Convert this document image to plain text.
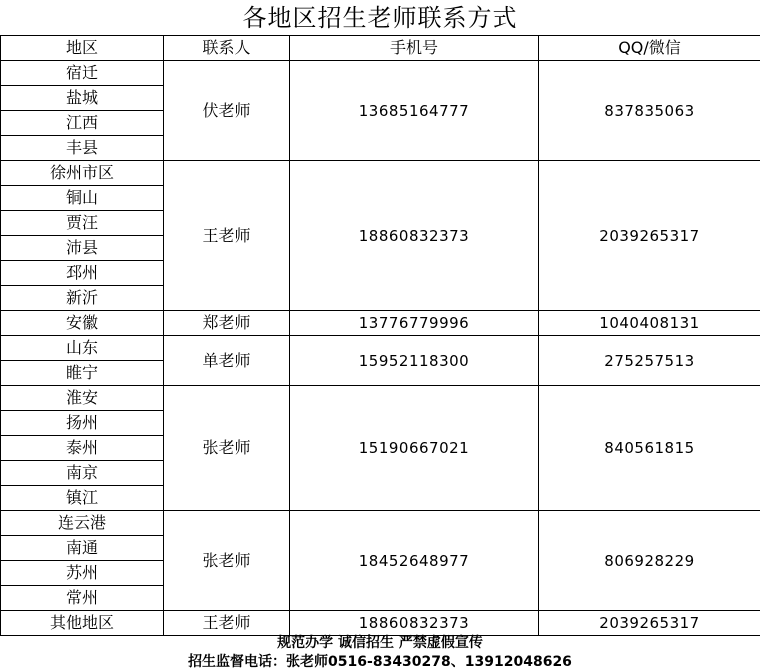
各地区招生老师联系方式
地区	联系人	手机号	QQ/微信
宿迁	伏老师	13685164777	837835063
盐城			
江西			
丰县			
徐州市区	王老师	18860832373	2039265317
铜山			
贾汪			
沛县			
邳州			
新沂			
安徽	郑老师	13776779996	1040408131
山东	单老师	15952118300	275257513
睢宁			
淮安	张老师	15190667021	840561815
扬州			
泰州			
南京			
镇江			
连云港	张老师	18452648977	806928229
南通			
苏州			
常州			
其他地区	王老师	18860832373	2039265317
规范办学 诚信招生 严禁虚假宣传
招生监督电话：张老师0516-83430278、13912048626
